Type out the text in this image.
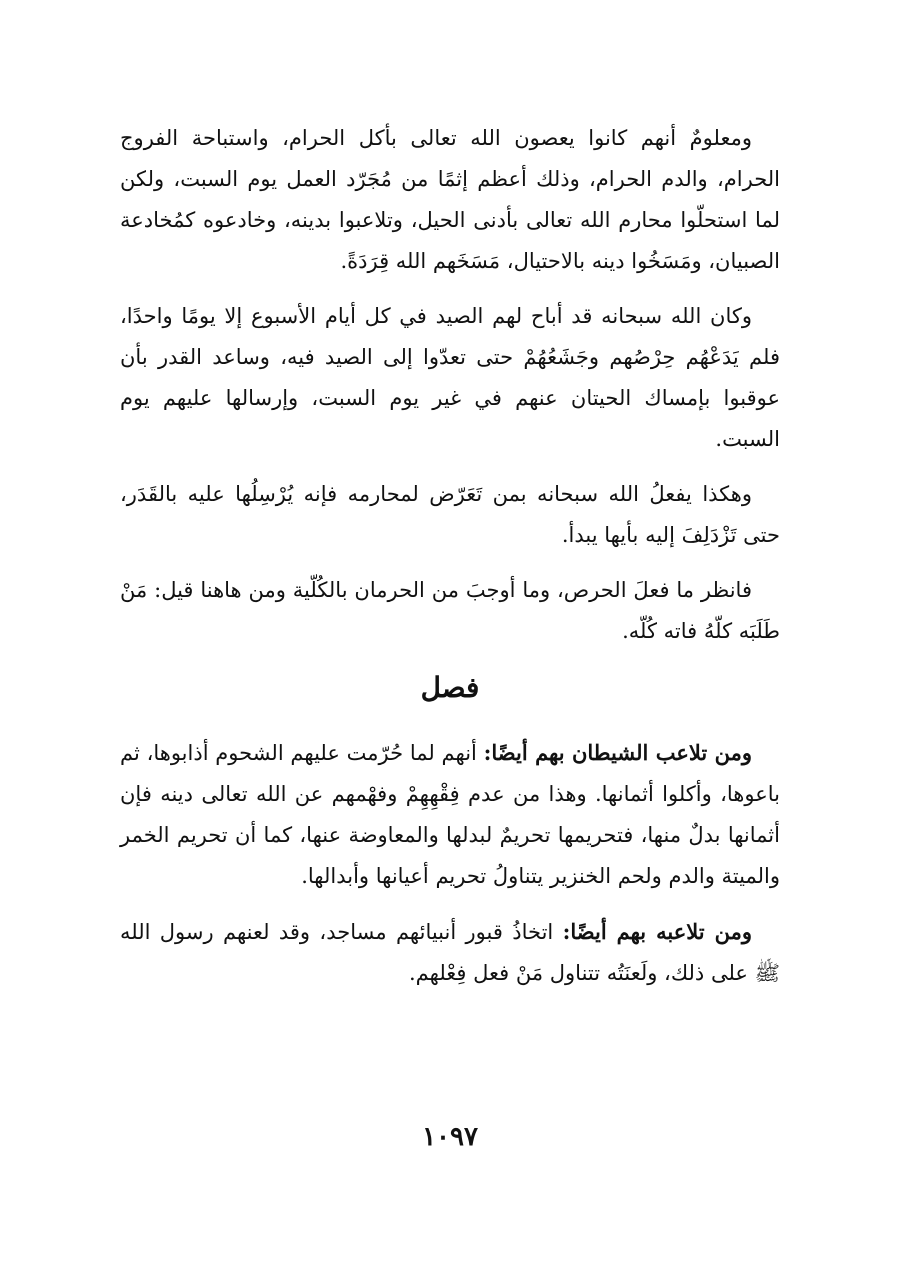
ومعلومٌ أنهم كانوا يعصون الله تعالى بأكل الحرام، واستباحة الفروج الحرام، والدم الحرام، وذلك أعظم إثمًا من مُجَرّد العمل يوم السبت، ولكن لما استحلّوا محارم الله تعالى بأدنى الحيل، وتلاعبوا بدينه، وخادعوه كمُخادعة الصبيان، ومَسَخُوا دينه بالاحتيال، مَسَخَهم الله قِرَدَةً.

وكان الله سبحانه قد أباح لهم الصيد في كل أيام الأسبوع إلا يومًا واحدًا، فلم يَدَعْهُم حِرْصُهم وجَشَعُهُمْ حتى تعدّوا إلى الصيد فيه، وساعد القدر بأن عوقبوا بإمساك الحيتان عنهم في غير يوم السبت، وإرسالها عليهم يوم السبت.

وهكذا يفعلُ الله سبحانه بمن تَعَرّض لمحارمه فإنه يُرْسِلُها عليه بالقَدَر، حتى تَزْدَلِفَ إليه بأيها يبدأ.

فانظر ما فعلَ الحرص، وما أوجبَ من الحرمان بالكُلّية ومن هاهنا قيل: مَنْ طَلَبَه كلّهُ فاته كُلّه.

فصل

ومن تلاعب الشيطان بهم أيضًا: أنهم لما حُرّمت عليهم الشحوم أذابوها، ثم باعوها، وأكلوا أثمانها. وهذا من عدم فِقْهِهِمْ وفهْمهم عن الله تعالى دينه فإن أثمانها بدلٌ منها، فتحريمها تحريمٌ لبدلها والمعاوضة عنها، كما أن تحريم الخمر والميتة والدم ولحم الخنزير يتناولُ تحريم أعيانها وأبدالها.

ومن تلاعبه بهم أيضًا: اتخاذُ قبور أنبيائهم مساجد، وقد لعنهم رسول الله ﷺ على ذلك، ولَعنَتُه تتناول مَنْ فعل فِعْلهم.

١٠٩٧
